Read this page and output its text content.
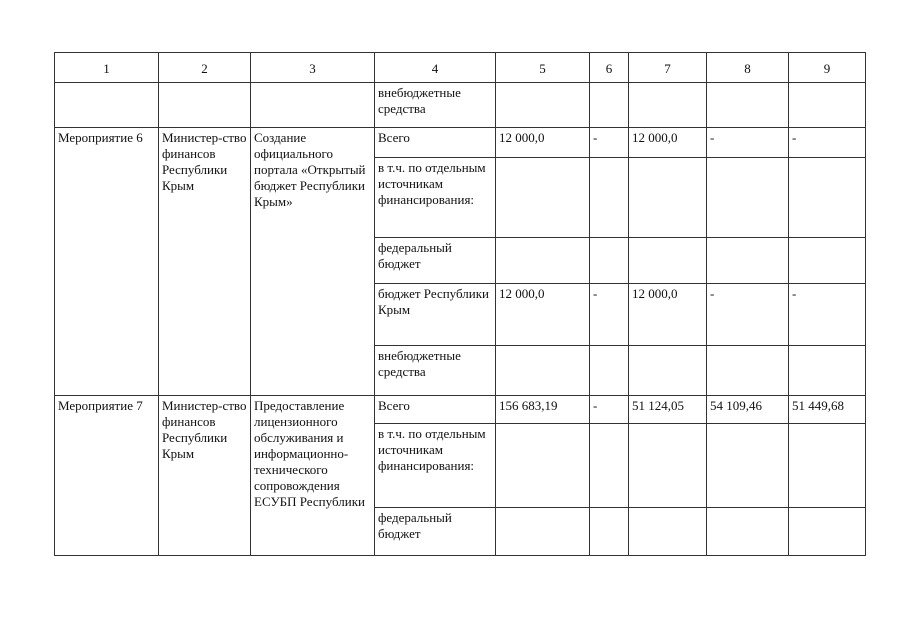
1	2	3	4	5	6	7	8	9
			внебюджетные средства					
Мероприятие 6	Министер-ство финансов Республики Крым	Создание официального портала «Открытый бюджет Республики Крым»	Всего	12 000,0	-	12 000,0	-	-
			в т.ч. по отдельным источникам финансирования:					
			федеральный бюджет					
			бюджет Республики Крым	12 000,0	-	12 000,0	-	-
			внебюджетные средства					
Мероприятие 7	Министер-ство финансов Республики Крым	Предоставление лицензионного обслуживания и информационно-технического сопровождения ЕСУБП Республики	Всего	156 683,19	-	51 124,05	54 109,46	51 449,68
			в т.ч. по отдельным источникам финансирования:					
			федеральный бюджет					
